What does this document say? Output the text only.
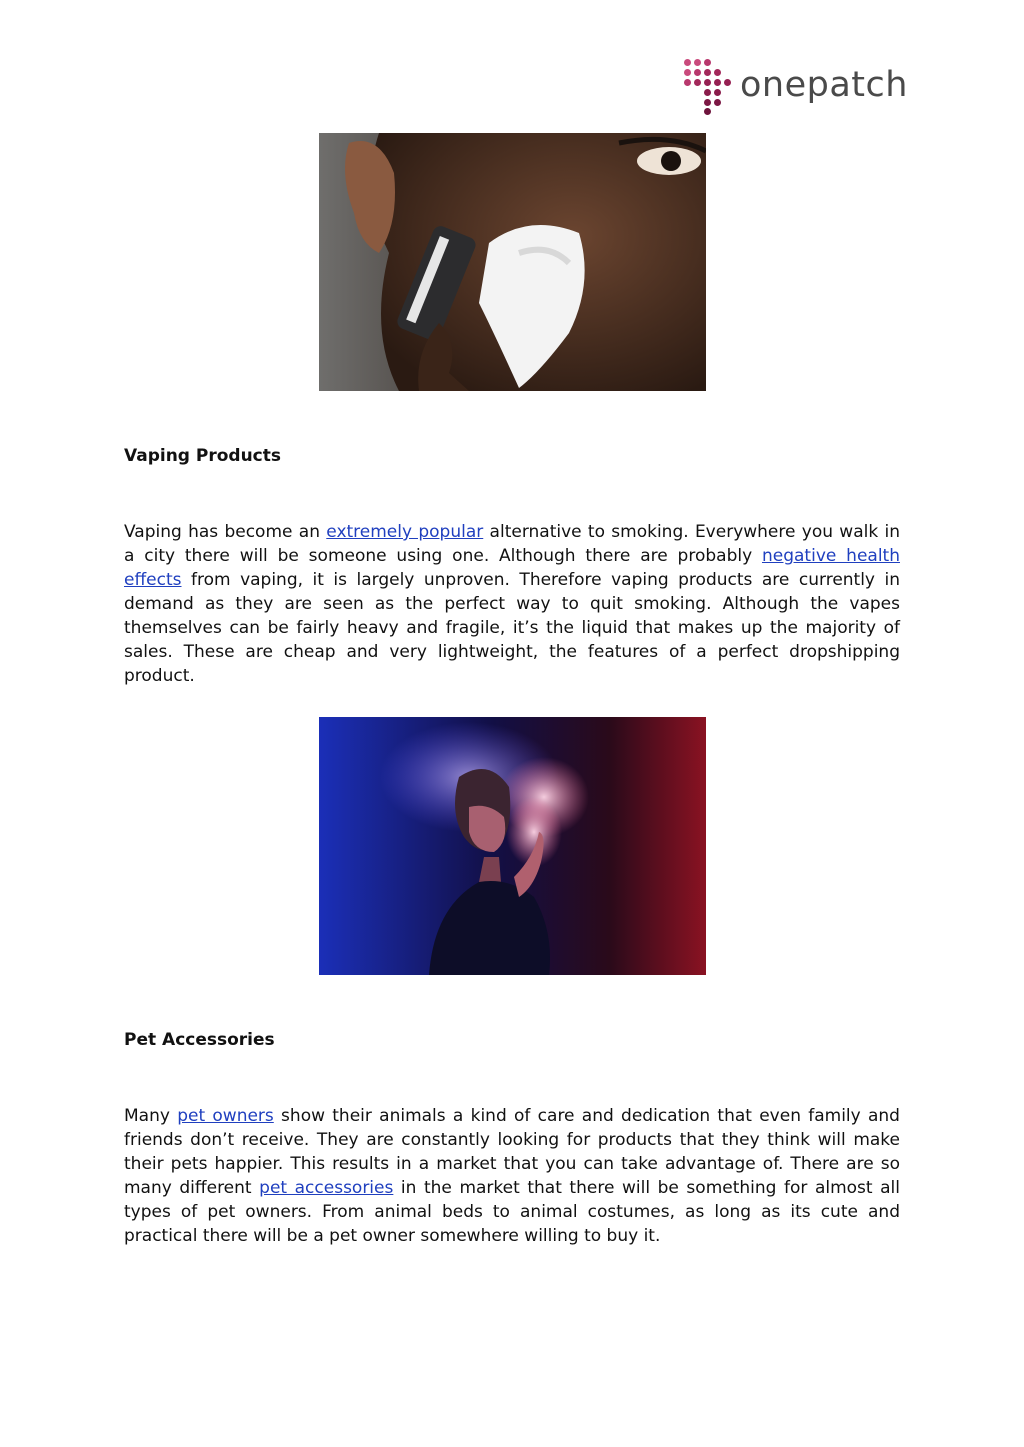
onepatch
Vaping Products

Vaping has become an extremely popular alternative to smoking. Everywhere you walk in a city there will be someone using one. Although there are probably negative health effects from vaping, it is largely unproven. Therefore vaping products are currently in demand as they are seen as the perfect way to quit smoking. Although the vapes themselves can be fairly heavy and fragile, it’s the liquid that makes up the majority of sales. These are cheap and very lightweight, the features of a perfect dropshipping product.

Pet Accessories

Many pet owners show their animals a kind of care and dedication that even family and friends don’t receive. They are constantly looking for products that they think will make their pets happier. This results in a market that you can take advantage of. There are so many different pet accessories in the market that there will be something for almost all types of pet owners. From animal beds to animal costumes, as long as its cute and practical there will be a pet owner somewhere willing to buy it.
